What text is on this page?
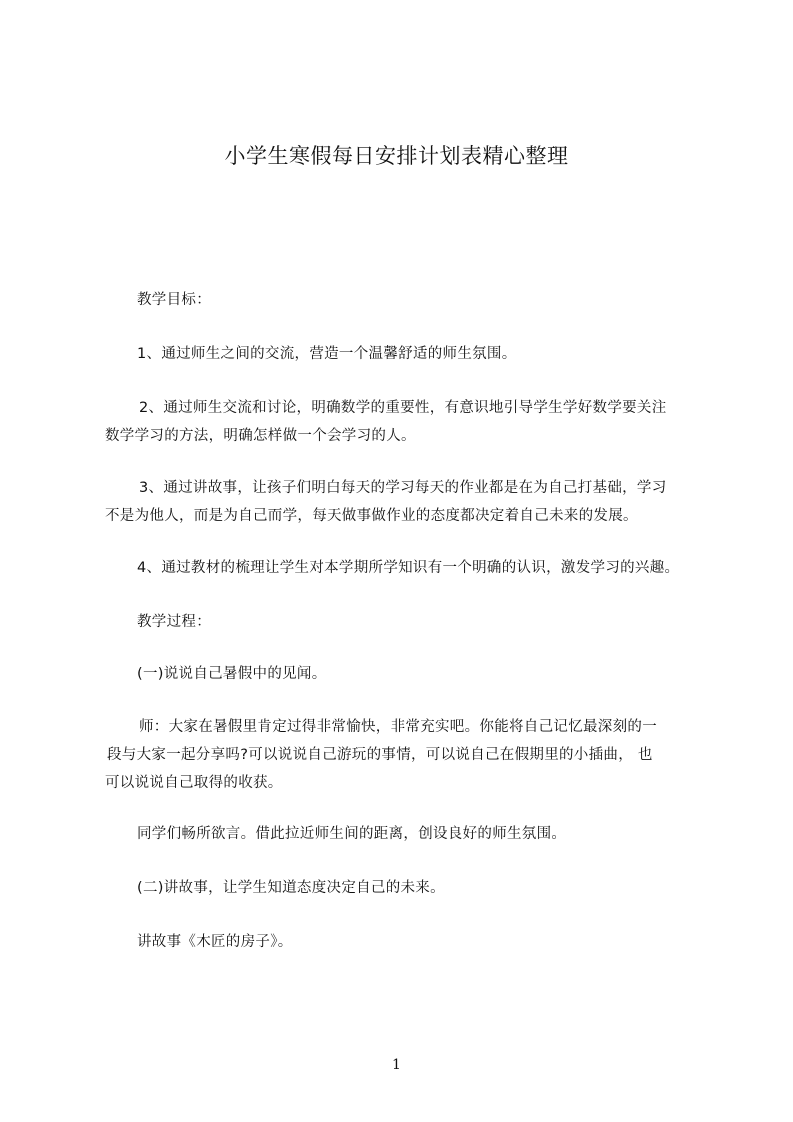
小学生寒假每日安排计划表精心整理
教学目标：
1、通过师生之间的交流，营造一个温馨舒适的师生氛围。
2、通过师生交流和讨论，明确数学的重要性，有意识地引导学生学好数学要关注
数学学习的方法，明确怎样做一个会学习的人。
3、通过讲故事，让孩子们明白每天的学习每天的作业都是在为自己打基础，学习
不是为他人，而是为自己而学，每天做事做作业的态度都决定着自己未来的发展。
4、通过教材的梳理让学生对本学期所学知识有一个明确的认识，激发学习的兴趣。
教学过程：
(一)说说自己暑假中的见闻。
师：大家在暑假里肯定过得非常愉快，非常充实吧。你能将自己记忆最深刻的一
段与大家一起分享吗?可以说说自己游玩的事情，可以说自己在假期里的小插曲， 也
可以说说自己取得的收获。
同学们畅所欲言。借此拉近师生间的距离，创设良好的师生氛围。
(二)讲故事，让学生知道态度决定自己的未来。
讲故事《木匠的房子》。
1
